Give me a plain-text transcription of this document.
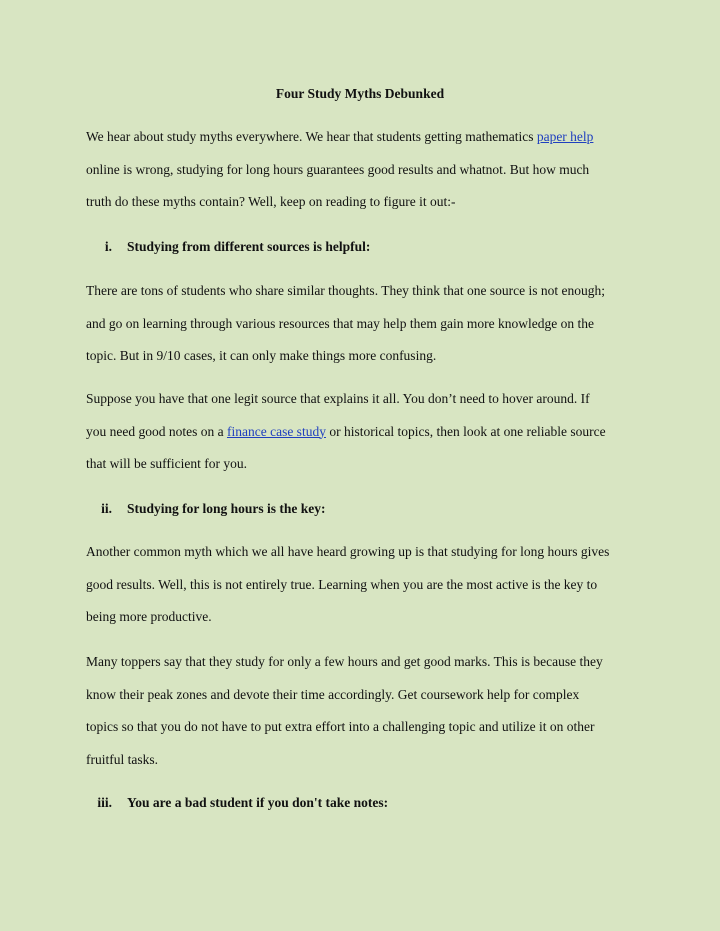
Four Study Myths Debunked

We hear about study myths everywhere. We hear that students getting mathematics paper help
online is wrong, studying for long hours guarantees good results and whatnot. But how much
truth do these myths contain? Well, keep on reading to figure it out:-

i. Studying from different sources is helpful:

There are tons of students who share similar thoughts. They think that one source is not enough;
and go on learning through various resources that may help them gain more knowledge on the
topic. But in 9/10 cases, it can only make things more confusing.

Suppose you have that one legit source that explains it all. You don’t need to hover around. If
you need good notes on a finance case study or historical topics, then look at one reliable source
that will be sufficient for you.

ii. Studying for long hours is the key:

Another common myth which we all have heard growing up is that studying for long hours gives
good results. Well, this is not entirely true. Learning when you are the most active is the key to
being more productive.

Many toppers say that they study for only a few hours and get good marks. This is because they
know their peak zones and devote their time accordingly. Get coursework help for complex
topics so that you do not have to put extra effort into a challenging topic and utilize it on other
fruitful tasks.

iii. You are a bad student if you don't take notes:
